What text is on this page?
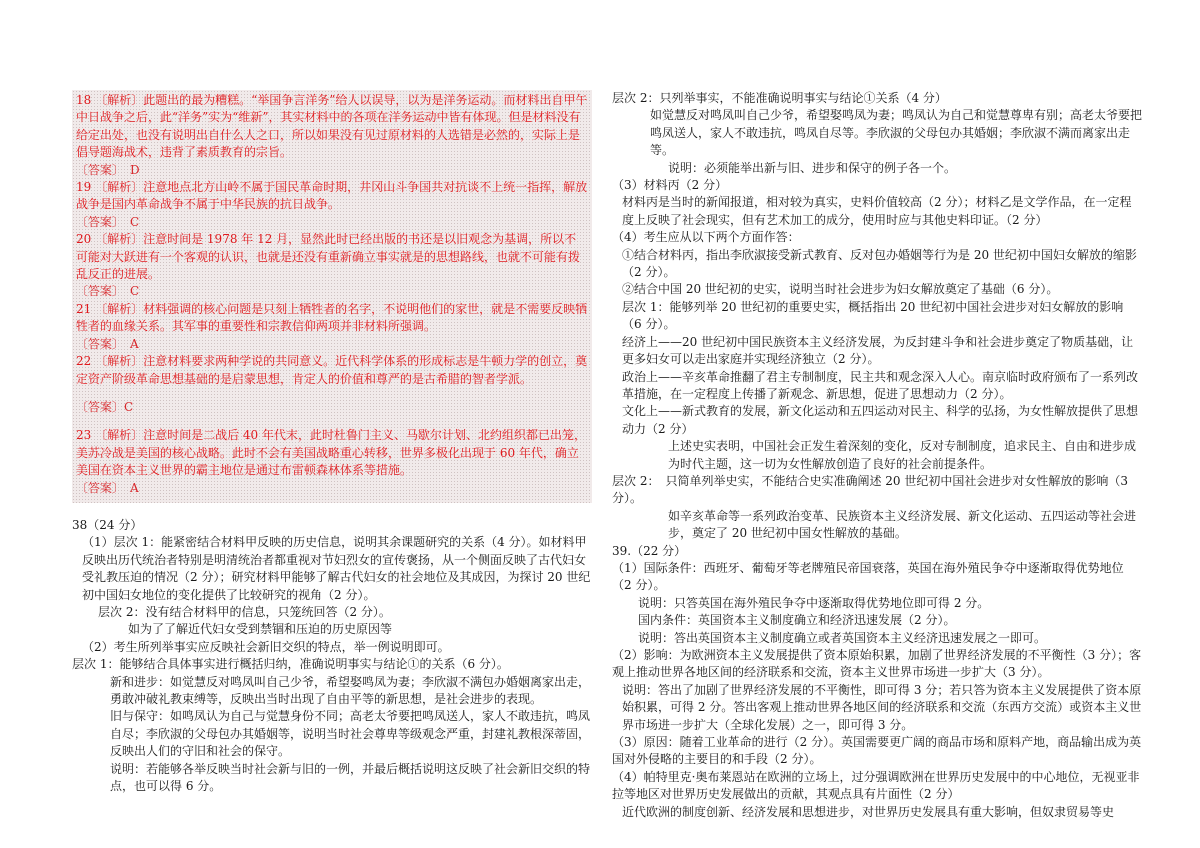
18 〔解析〕此题出的最为糟糕。“举国争言洋务”给人以误导，以为是洋务运动。而材料出自甲午中日战争之后，此“洋务”实为“维新”，其实材料中的各项在洋务运动中皆有体现。但是材料没有给定出处，也没有说明出自什么人之口，所以如果没有见过原材料的人选错是必然的，实际上是倡导题海战术，违背了素质教育的宗旨。

〔答案〕　D

19 〔解析〕注意地点北方山岭不属于国民革命时期，井冈山斗争国共对抗谈不上统一指挥，解放战争是国内革命战争不属于中华民族的抗日战争。

〔答案〕　C

20 〔解析〕注意时间是 1978 年 12 月，显然此时已经出版的书还是以旧观念为基调，所以不可能对大跃进有一个客观的认识，也就是还没有重新确立事实就是的思想路线，也就不可能有拨乱反正的进展。

〔答案〕　C

21 〔解析〕材料强调的核心问题是只刻上牺牲者的名字，不说明他们的家世，就是不需要反映牺牲者的血缘关系。其军事的重要性和宗教信仰两项并非材料所强调。

〔答案〕　A

22 〔解析〕注意材料要求两种学说的共同意义。近代科学体系的形成标志是牛顿力学的创立，奠定资产阶级革命思想基础的是启蒙思想，肯定人的价值和尊严的是古希腊的智者学派。

〔答案〕C

23 〔解析〕注意时间是二战后 40 年代末，此时杜鲁门主义、马歇尔计划、北约组织都已出笼，美苏冷战是美国的核心战略。此时不会有美国战略重心转移，世界多极化出现于 60 年代，确立美国在资本主义世界的霸主地位是通过布雷顿森林体系等措施。

〔答案〕　A

38（24 分）

（1）层次 1：能紧密结合材料甲反映的历史信息，说明其余课题研究的关系（4 分）。如材料甲反映出历代统治者特别是明清统治者都重视对节妇烈女的宣传褒扬，从一个侧面反映了古代妇女受礼教压迫的情况（2 分）；研究材料甲能够了解古代妇女的社会地位及其成因，为探讨 20 世纪初中国妇女地位的变化提供了比较研究的视角（2 分）。

层次 2：没有结合材料甲的信息，只笼统回答（2 分）。

如为了了解近代妇女受到禁锢和压迫的历史原因等

（2）考生所列举事实应反映社会新旧交织的特点，举一例说明即可。

层次 1：能够结合具体事实进行概括归纳，准确说明事实与结论①的关系（6 分）。

新和进步：如觉慧反对鸣凤叫自己少爷，希望娶鸣凤为妻；李欣淑不满包办婚姻离家出走，勇敢冲破礼教束缚等，反映出当时出现了自由平等的新思想，是社会进步的表现。

旧与保守：如鸣凤认为自己与觉慧身份不同；高老太爷要把鸣凤送人，家人不敢违抗，鸣凤自尽；李欣淑的父母包办其婚姻等，说明当时社会尊卑等级观念严重，封建礼教根深蒂固，反映出人们的守旧和社会的保守。

说明：若能够各举反映当时社会新与旧的一例，并最后概括说明这反映了社会新旧交织的特点，也可以得 6 分。

层次 2：只列举事实，不能准确说明事实与结论①关系（4 分）

如觉慧反对鸣凤叫自己少爷，希望娶鸣凤为妻；鸣凤认为自己和觉慧尊卑有别；高老太爷要把鸣凤送人，家人不敢违抗，鸣凤自尽等。李欣淑的父母包办其婚姻；李欣淑不满而离家出走等。

说明：必须能举出新与旧、进步和保守的例子各一个。

（3）材料丙（2 分）

材料丙是当时的新闻报道，相对较为真实，史料价值较高（2 分）；材料乙是文学作品，在一定程度上反映了社会现实，但有艺术加工的成分，使用时应与其他史料印证。（2 分）

（4）考生应从以下两个方面作答：

①结合材料丙，指出李欣淑接受新式教育、反对包办婚姻等行为是 20 世纪初中国妇女解放的缩影（2 分）。

②结合中国 20 世纪初的史实，说明当时社会进步为妇女解放奠定了基础（6 分）。

层次 1：能够列举 20 世纪初的重要史实，概括指出 20 世纪初中国社会进步对妇女解放的影响（6 分）。

经济上——20 世纪初中国民族资本主义经济发展，为反封建斗争和社会进步奠定了物质基础，让更多妇女可以走出家庭并实现经济独立（2 分）。

政治上——辛亥革命推翻了君主专制制度，民主共和观念深入人心。南京临时政府颁布了一系列改革措施，在一定程度上传播了新观念、新思想，促进了思想动力（2 分）。

文化上——新式教育的发展，新文化运动和五四运动对民主、科学的弘扬，为女性解放提供了思想动力（2 分）

上述史实表明，中国社会正发生着深刻的变化，反对专制制度，追求民主、自由和进步成为时代主题，这一切为女性解放创造了良好的社会前提条件。

层次 2：　只简单列举史实，不能结合史实准确阐述 20 世纪初中国社会进步对女性解放的影响（3 分）。

如辛亥革命等一系列政治变革、民族资本主义经济发展、新文化运动、五四运动等社会进步，奠定了 20 世纪初中国女性解放的基础。

39.（22 分）

（1）国际条件：西班牙、葡萄牙等老牌殖民帝国衰落，英国在海外殖民争夺中逐渐取得优势地位（2 分）。

说明：只答英国在海外殖民争夺中逐渐取得优势地位即可得 2 分。

国内条件：英国资本主义制度确立和经济迅速发展（2 分）。

说明：答出英国资本主义制度确立或者英国资本主义经济迅速发展之一即可。

（2）影响：为欧洲资本主义发展提供了资本原始积累，加剧了世界经济发展的不平衡性（3 分）；客观上推动世界各地区间的经济联系和交流，资本主义世界市场进一步扩大（3 分）。

说明：答出了加剧了世界经济发展的不平衡性，即可得 3 分；若只答为资本主义发展提供了资本原始积累，可得 2 分。答出客观上推动世界各地区间的经济联系和交流（东西方交流）或资本主义世界市场进一步扩大（全球化发展）之一，即可得 3 分。

（3）原因：随着工业革命的进行（2 分）。英国需要更广阔的商品市场和原料产地，商品输出成为英国对外侵略的主要目的和手段（2 分）。

（4）帕特里克·奥布莱恩站在欧洲的立场上，过分强调欧洲在世界历史发展中的中心地位，无视亚非拉等地区对世界历史发展做出的贡献，其观点具有片面性（2 分）

近代欧洲的制度创新、经济发展和思想进步，对世界历史发展具有重大影响，但奴隶贸易等史
